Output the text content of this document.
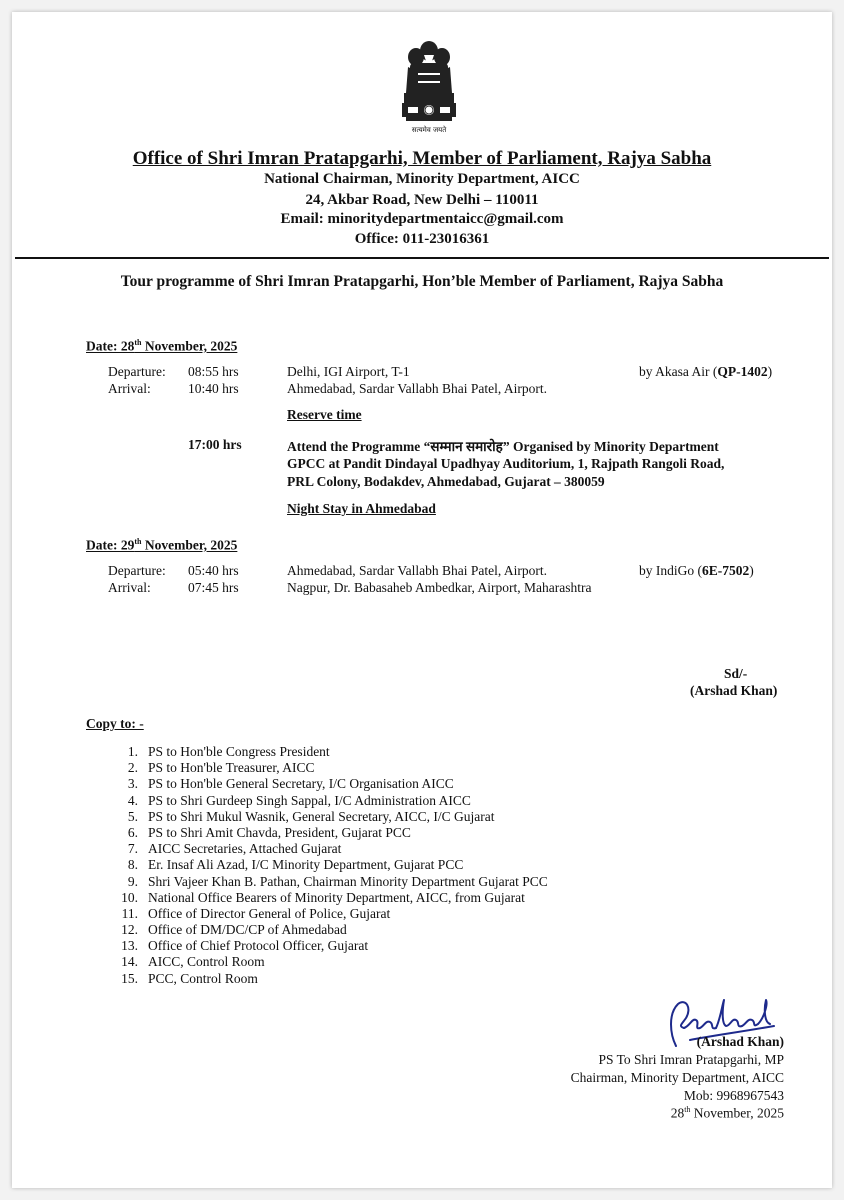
सत्यमेव जयते
Office of Shri Imran Pratapgarhi, Member of Parliament, Rajya Sabha
National Chairman, Minority Department, AICC
24, Akbar Road, New Delhi – 110011
Email: minoritydepartmentaicc@gmail.com
Office: 011-23016361
Tour programme of Shri Imran Pratapgarhi, Hon’ble Member of Parliament, Rajya Sabha
Date: 28th November, 2025
Departure: 08:55 hrs	Delhi, IGI Airport, T-1	by Akasa Air (QP-1402)
Arrival:	10:40 hrs	Ahmedabad, Sardar Vallabh Bhai Patel, Airport.
Reserve time
17:00 hrs	Attend the Programme “सम्मान समारोह” Organised by Minority Department
GPCC at Pandit Dindayal Upadhyay Auditorium, 1, Rajpath Rangoli Road,
PRL Colony, Bodakdev, Ahmedabad, Gujarat – 380059
Night Stay in Ahmedabad
Date: 29th November, 2025
Departure: 05:40 hrs	Ahmedabad, Sardar Vallabh Bhai Patel, Airport.	by IndiGo (6E-7502)
Arrival:	07:45 hrs	Nagpur, Dr. Babasaheb Ambedkar, Airport, Maharashtra
Sd/-
(Arshad Khan)
Copy to: -
1. PS to Hon'ble Congress President
2. PS to Hon'ble Treasurer, AICC
3. PS to Hon'ble General Secretary, I/C Organisation AICC
4. PS to Shri Gurdeep Singh Sappal, I/C Administration AICC
5. PS to Shri Mukul Wasnik, General Secretary, AICC, I/C Gujarat
6. PS to Shri Amit Chavda, President, Gujarat PCC
7. AICC Secretaries, Attached Gujarat
8. Er. Insaf Ali Azad, I/C Minority Department, Gujarat PCC
9. Shri Vajeer Khan B. Pathan, Chairman Minority Department Gujarat PCC
10. National Office Bearers of Minority Department, AICC, from Gujarat
11. Office of Director General of Police, Gujarat
12. Office of DM/DC/CP of Ahmedabad
13. Office of Chief Protocol Officer, Gujarat
14. AICC, Control Room
15. PCC, Control Room
(Arshad Khan)
PS To Shri Imran Pratapgarhi, MP
Chairman, Minority Department, AICC
Mob: 9968967543
28th November, 2025
